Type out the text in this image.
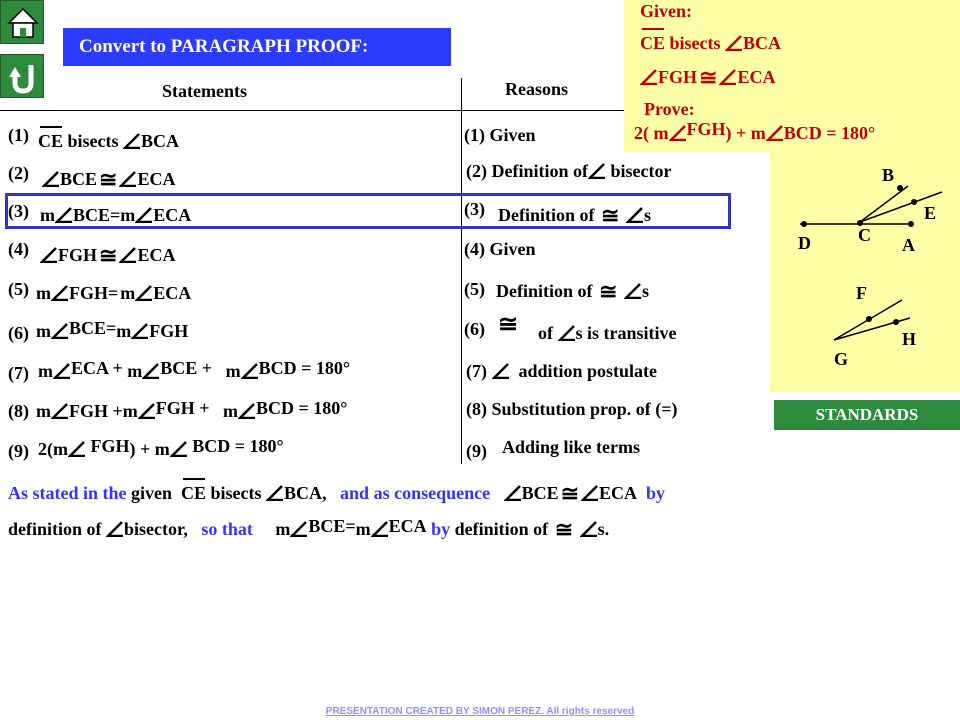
Convert to PARAGRAPH PROOF:
Statements	Reasons
Given:
CE bisects BCA
FGH≅ ECA
Prove:
2( m FGH) + m BCD = 180°
B
E
D	C A
F
H
G
STANDARDS
(1) CE bisects BCA	(1) Given
(2)	BCE≅ ECA	(2) Definition of bisector
(3) m BCE=m ECA	(3) Definition of ≅ s
(4)	FGH≅ ECA	(4) Given
(5) m FGH= m ECA	(5) Definition of ≅ s
(6) m BCE=m FGH	(6) ≅ of s is transitive
(7) m ECA + m BCE + m BCD = 180°	(7) addition postulate
(8) m FGH +m FGH + m BCD = 180°	(8) Substitution prop. of (=)
(9) 2(m FGH) + m BCD = 180°	(9) Adding like terms
As stated in the given CE bisects BCA, and as consequence BCE≅ ECA by
definition of bisector, so that m BCE=m ECA by definition of ≅ s.
PRESENTATION CREATED BY SIMON PEREZ. All rights reserved
